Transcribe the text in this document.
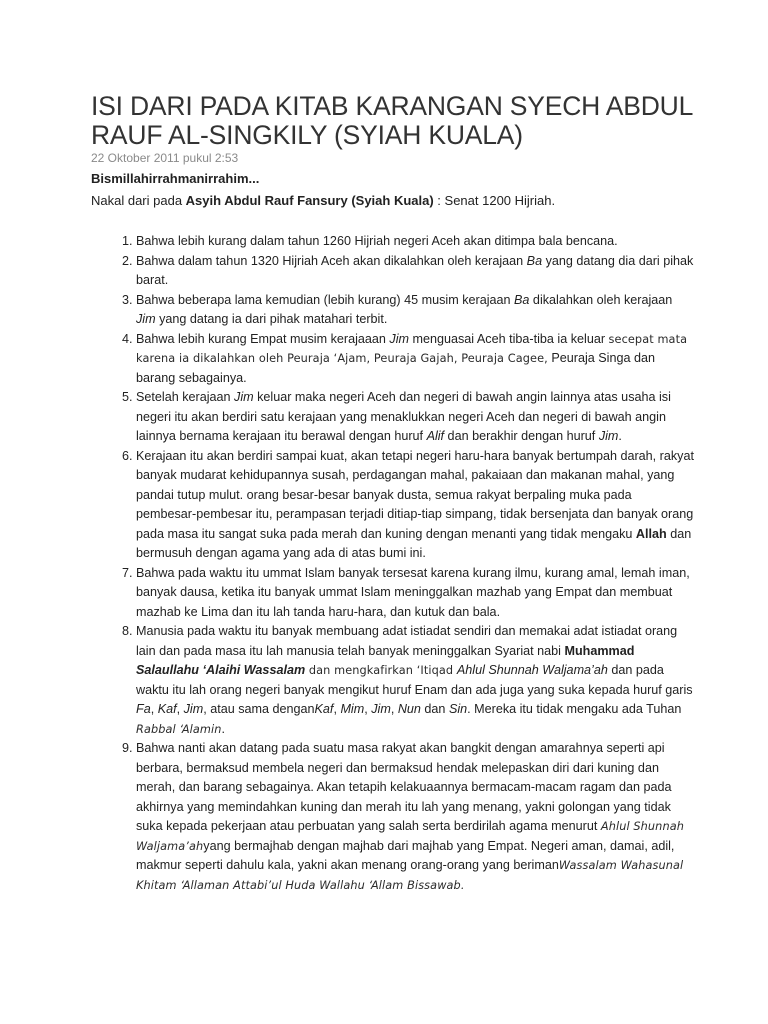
ISI DARI PADA KITAB KARANGAN SYECH ABDUL RAUF AL-SINGKILY (SYIAH KUALA)
22 Oktober 2011 pukul 2:53
Bismillahirrahmanirrahim...
Nakal dari pada Asyih Abdul Rauf Fansury (Syiah Kuala) : Senat 1200 Hijriah.
1. Bahwa lebih kurang dalam tahun 1260 Hijriah negeri Aceh akan ditimpa bala bencana.
2. Bahwa dalam tahun 1320 Hijriah Aceh akan dikalahkan oleh kerajaan Ba yang datang dia dari pihak barat.
3. Bahwa beberapa lama kemudian (lebih kurang) 45 musim kerajaan Ba dikalahkan oleh kerajaan Jim yang datang ia dari pihak matahari terbit.
4. Bahwa lebih kurang Empat musim kerajaaan Jim menguasai Aceh tiba-tiba ia keluar secepat mata karena ia dikalahkan oleh Peuraja ‘Ajam, Peuraja Gajah, Peuraja Cagee, Peuraja Singa dan barang sebagainya.
5. Setelah kerajaan Jim keluar maka negeri Aceh dan negeri di bawah angin lainnya atas usaha isi negeri itu akan berdiri satu kerajaan yang menaklukkan negeri Aceh dan negeri di bawah angin lainnya bernama kerajaan itu berawal dengan huruf Alif dan berakhir dengan huruf Jim.
6. Kerajaan itu akan berdiri sampai kuat, akan tetapi negeri haru-hara banyak bertumpah darah, rakyat banyak mudarat kehidupannya susah, perdagangan mahal, pakaiaan dan makanan mahal, yang pandai tutup mulut. orang besar-besar banyak dusta, semua rakyat berpaling muka pada pembesar-pembesar itu, perampasan terjadi ditiap-tiap simpang, tidak bersenjata dan banyak orang pada masa itu sangat suka pada merah dan kuning dengan menanti yang tidak mengaku Allah dan bermusuh dengan agama yang ada di atas bumi ini.
7. Bahwa pada waktu itu ummat Islam banyak tersesat karena kurang ilmu, kurang amal, lemah iman, banyak dausa, ketika itu banyak ummat Islam meninggalkan mazhab yang Empat dan membuat mazhab ke Lima dan itu lah tanda haru-hara, dan kutuk dan bala.
8. Manusia pada waktu itu banyak membuang adat istiadat sendiri dan memakai adat istiadat orang lain dan pada masa itu lah manusia telah banyak meninggalkan Syariat nabi Muhammad Salaullahu ‘Alaihi Wassalam dan mengkafirkan ‘Itiqad Ahlul Shunnah Waljama’ah dan pada waktu itu lah orang negeri banyak mengikut huruf Enam dan ada juga yang suka kepada huruf garis Fa, Kaf, Jim, atau sama denganKaf, Mim, Jim, Nun dan Sin. Mereka itu tidak mengaku ada Tuhan Rabbal ‘Alamin.
9. Bahwa nanti akan datang pada suatu masa rakyat akan bangkit dengan amarahnya seperti api berbara, bermaksud membela negeri dan bermaksud hendak melepaskan diri dari kuning dan merah, dan barang sebagainya. Akan tetapih kelakuaannya bermacam-macam ragam dan pada akhirnya yang memindahkan kuning dan merah itu lah yang menang, yakni golongan yang tidak suka kepada pekerjaan atau perbuatan yang salah serta berdirilah agama menurut Ahlul Shunnah Waljama’ahyang bermajhab dengan majhab dari majhab yang Empat. Negeri aman, damai, adil, makmur seperti dahulu kala, yakni akan menang orang-orang yang berimanWassalam Wahasunal Khitam ‘Allaman Attabi’ul Huda Wallahu ‘Allam Bissawab.
